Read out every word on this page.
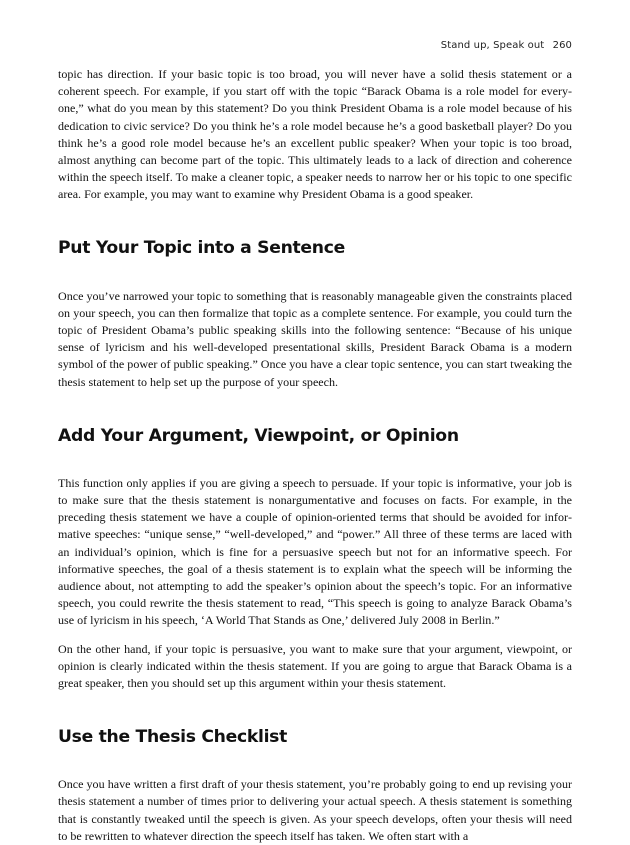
Stand up, Speak out 260

topic has direction. If your basic topic is too broad, you will never have a solid thesis statement or a coherent speech. For example, if you start off with the topic “Barack Obama is a role model for everyone,” what do you mean by this statement? Do you think President Obama is a role model because of his dedication to civic service? Do you think he’s a role model because he’s a good basketball player? Do you think he’s a good role model because he’s an excellent public speaker? When your topic is too broad, almost anything can become part of the topic. This ultimately leads to a lack of direction and coherence within the speech itself. To make a cleaner topic, a speaker needs to narrow her or his topic to one specific area. For example, you may want to examine why President Obama is a good speaker.

Put Your Topic into a Sentence

Once you’ve narrowed your topic to something that is reasonably manageable given the constraints placed on your speech, you can then formalize that topic as a complete sentence. For example, you could turn the topic of President Obama’s public speaking skills into the following sentence: “Because of his unique sense of lyricism and his well-developed presentational skills, President Barack Obama is a modern symbol of the power of public speaking.” Once you have a clear topic sentence, you can start tweaking the thesis statement to help set up the purpose of your speech.

Add Your Argument, Viewpoint, or Opinion

This function only applies if you are giving a speech to persuade. If your topic is informative, your job is to make sure that the thesis statement is nonargumentative and focuses on facts. For example, in the preceding thesis statement we have a couple of opinion-oriented terms that should be avoided for informative speeches: “unique sense,” “well-developed,” and “power.” All three of these terms are laced with an individual’s opinion, which is fine for a persuasive speech but not for an informative speech. For informative speeches, the goal of a thesis statement is to explain what the speech will be informing the audience about, not attempting to add the speaker’s opinion about the speech’s topic. For an informative speech, you could rewrite the thesis statement to read, “This speech is going to analyze Barack Obama’s use of lyricism in his speech, ‘A World That Stands as One,’ delivered July 2008 in Berlin.”

On the other hand, if your topic is persuasive, you want to make sure that your argument, viewpoint, or opinion is clearly indicated within the thesis statement. If you are going to argue that Barack Obama is a great speaker, then you should set up this argument within your thesis statement.

Use the Thesis Checklist

Once you have written a first draft of your thesis statement, you’re probably going to end up revising your thesis statement a number of times prior to delivering your actual speech. A thesis statement is something that is constantly tweaked until the speech is given. As your speech develops, often your thesis will need to be rewritten to whatever direction the speech itself has taken. We often start with a
